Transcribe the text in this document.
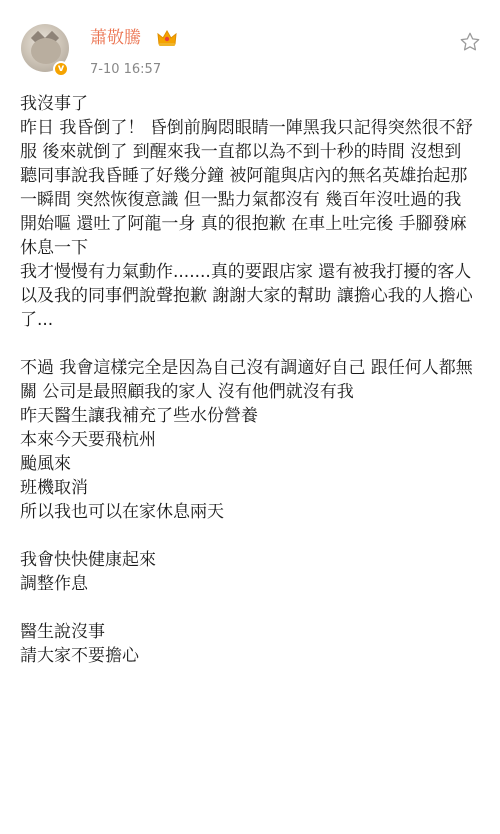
v
蕭敬騰
7-10 16:57

我沒事了
昨日 我昏倒了！ 昏倒前胸悶眼睛一陣黑我只記得突然很不舒服 後來就倒了 到醒來我一直都以為不到十秒的時間 沒想到 聽同事說我昏睡了好幾分鐘 被阿龍與店內的無名英雄抬起那一瞬間 突然恢復意識 但一點力氣都沒有 幾百年沒吐過的我 開始嘔 還吐了阿龍一身 真的很抱歉 在車上吐完後 手腳發麻休息一下
我才慢慢有力氣動作.......真的要跟店家 還有被我打擾的客人 以及我的同事們說聲抱歉 謝謝大家的幫助 讓擔心我的人擔心了...

不過 我會這樣完全是因為自己沒有調適好自己 跟任何人都無關 公司是最照顧我的家人 沒有他們就沒有我
昨天醫生讓我補充了些水份營養
本來今天要飛杭州
颱風來
班機取消
所以我也可以在家休息兩天

我會快快健康起來
調整作息

醫生說沒事
請大家不要擔心
